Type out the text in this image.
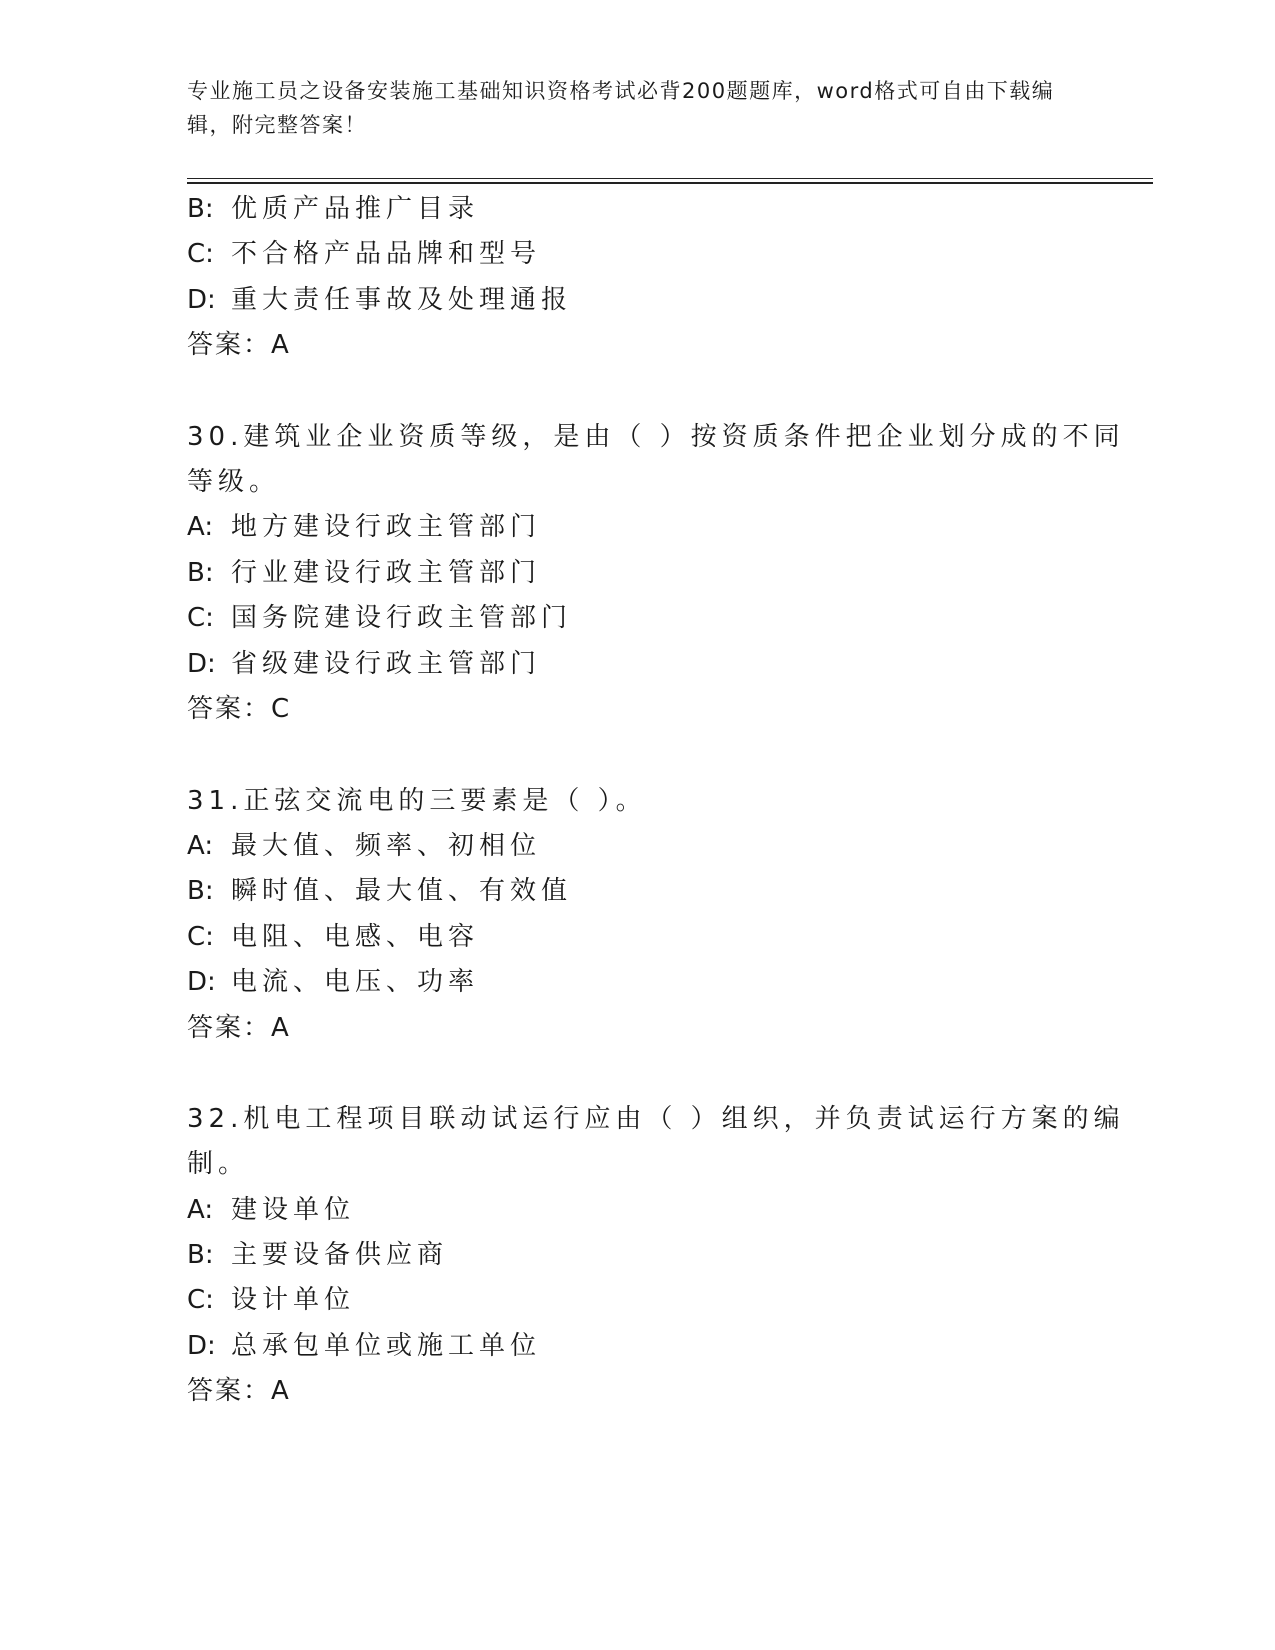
专业施工员之设备安装施工基础知识资格考试必背200题题库，word格式可自由下载编辑，附完整答案！
B: 优质产品推广目录
C: 不合格产品品牌和型号
D: 重大责任事故及处理通报
答案：A
30.建筑业企业资质等级，是由（ ）按资质条件把企业划分成的不同
等级。
A: 地方建设行政主管部门
B: 行业建设行政主管部门
C: 国务院建设行政主管部门
D: 省级建设行政主管部门
答案：C
31.正弦交流电的三要素是（ ）。
A: 最大值、频率、初相位
B: 瞬时值、最大值、有效值
C: 电阻、电感、电容
D: 电流、电压、功率
答案：A
32.机电工程项目联动试运行应由（ ）组织，并负责试运行方案的编
制。
A: 建设单位
B: 主要设备供应商
C: 设计单位
D: 总承包单位或施工单位
答案：A
